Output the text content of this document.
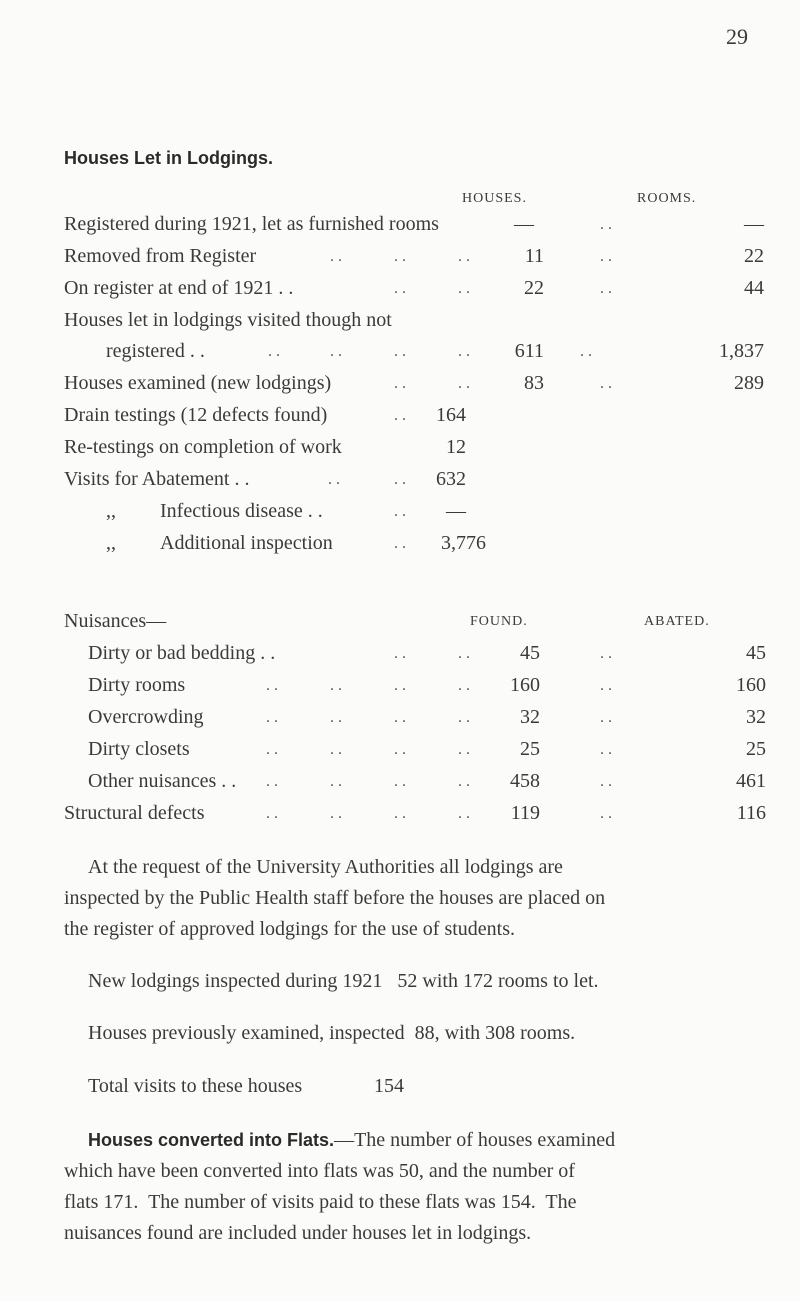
29
Houses Let in Lodgings.
HOUSES.	ROOMS.
Registered during 1921, let as furnished rooms	—	. .	—
Removed from Register	. .	. .	. .	11	. .	22
On register at end of 1921 . .	. .	. .	22	. .	44
Houses let in lodgings visited though not
registered . .	. .	. .	. .	. .	611 . .	1,837
Houses examined (new lodgings)	. .	. .	83	. .	289
Drain testings (12 defects found)	. .	164
Re-testings on completion of work	12
Visits for Abatement . .	. .	. .	632
,, Infectious disease . .	. .	—
,, Additional inspection	. .	3,776
Nuisances—	FOUND.	ABATED.
Dirty or bad bedding . .	. .	. .	45	. .	45
Dirty rooms	. .	. .	. .	. .	160	. .	160
Overcrowding	. .	. .	. .	. .	32	. .	32
Dirty closets	. .	. .	. .	. .	25	. .	25
Other nuisances . . . .	. .	. .	. .	458	. .	461
Structural defects	. .	. .	. .	. .	119	. .	116
At the request of the University Authorities all lodgings are
inspected by the Public Health staff before the houses are placed on
the register of approved lodgings for the use of students.
New lodgings inspected during 1921   52 with 172 rooms to let.
Houses previously examined, inspected  88, with 308 rooms.
Total visits to these houses	154
Houses converted into Flats.—The number of houses examined
which have been converted into flats was 50, and the number of
flats 171.  The number of visits paid to these flats was 154.  The
nuisances found are included under houses let in lodgings.
